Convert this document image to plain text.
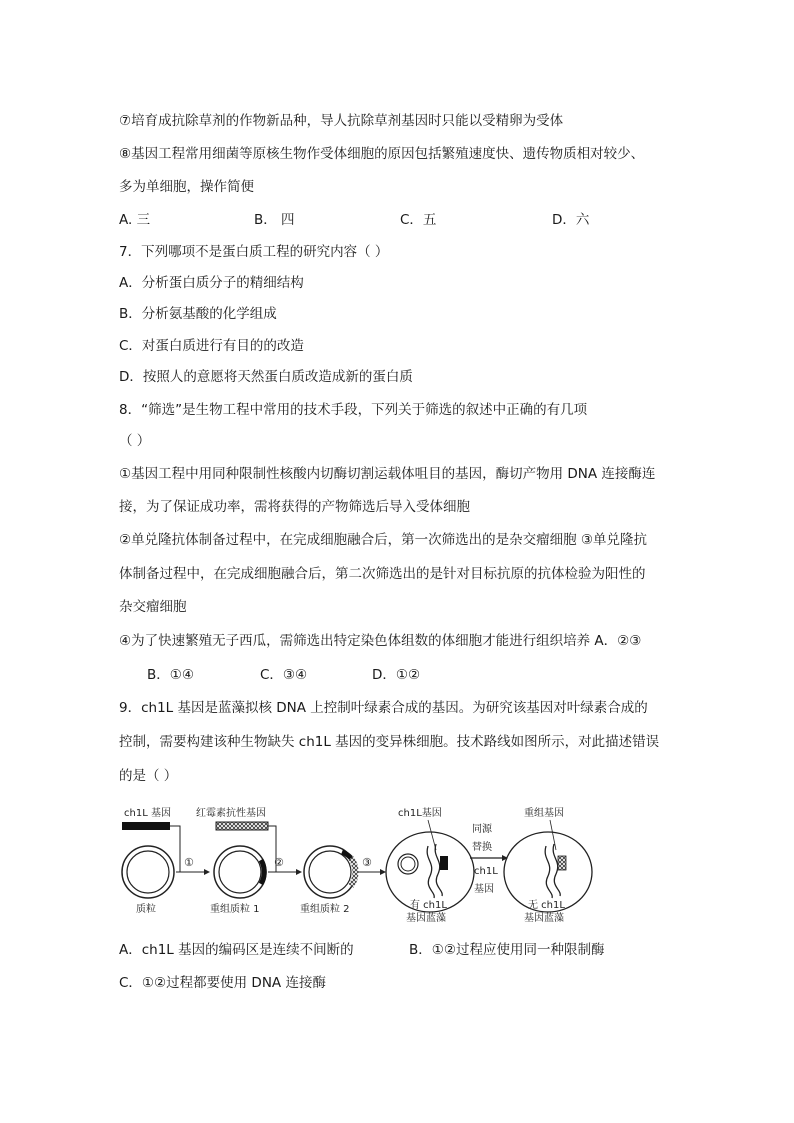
⑦培育成抗除草剂的作物新品种，导人抗除草剂基因时只能以受精卵为受体
⑧基因工程常用细菌等原核生物作受体细胞的原因包括繁殖速度快、遗传物质相对较少、
多为单细胞，操作简便
A. 三	B． 四	C．五	D．六
7．下列哪项不是蛋白质工程的研究内容（ ）
A．分析蛋白质分子的精细结构
B．分析氨基酸的化学组成
C．对蛋白质进行有目的的改造
D．按照人的意愿将天然蛋白质改造成新的蛋白质
8．“筛选”是生物工程中常用的技术手段，下列关于筛选的叙述中正确的有几项
（ ）
①基因工程中用同种限制性核酸内切酶切割运载体咀目的基因，酶切产物用 DNA 连接酶连
接，为了保证成功率，需将获得的产物筛选后导入受体细胞
②单兑隆抗体制备过程中，在完成细胞融合后，第一次筛选出的是杂交瘤细胞 ③单兑隆抗
体制备过程中，在完成细胞融合后，第二次筛选出的是针对目标抗原的抗体检验为阳性的
杂交瘤细胞
④为了快速繁殖无子西瓜，需筛选出特定染色体组数的体细胞才能进行组织培养 A．②③
B．①④	C．③④	D．①②
9．ch1L 基因是蓝藻拟核 DNA 上控制叶绿素合成的基因。为研究该基因对叶绿素合成的
控制，需要构建该种生物缺失 ch1L 基因的变异株细胞。技术路线如图所示，对此描述错误
的是（ ）
ch1L 基因	红霉素抗性基因
质粒
①
重组质粒 1
②
重组质粒 2
③
ch1L基因
有 ch1L
基因蓝藻
同源
替换
ch1L
基因
重组基因
无 ch1L
基因蓝藻
A．ch1L 基因的编码区是连续不间断的	B．①②过程应使用同一种限制酶
C．①②过程都要使用 DNA 连接酶
